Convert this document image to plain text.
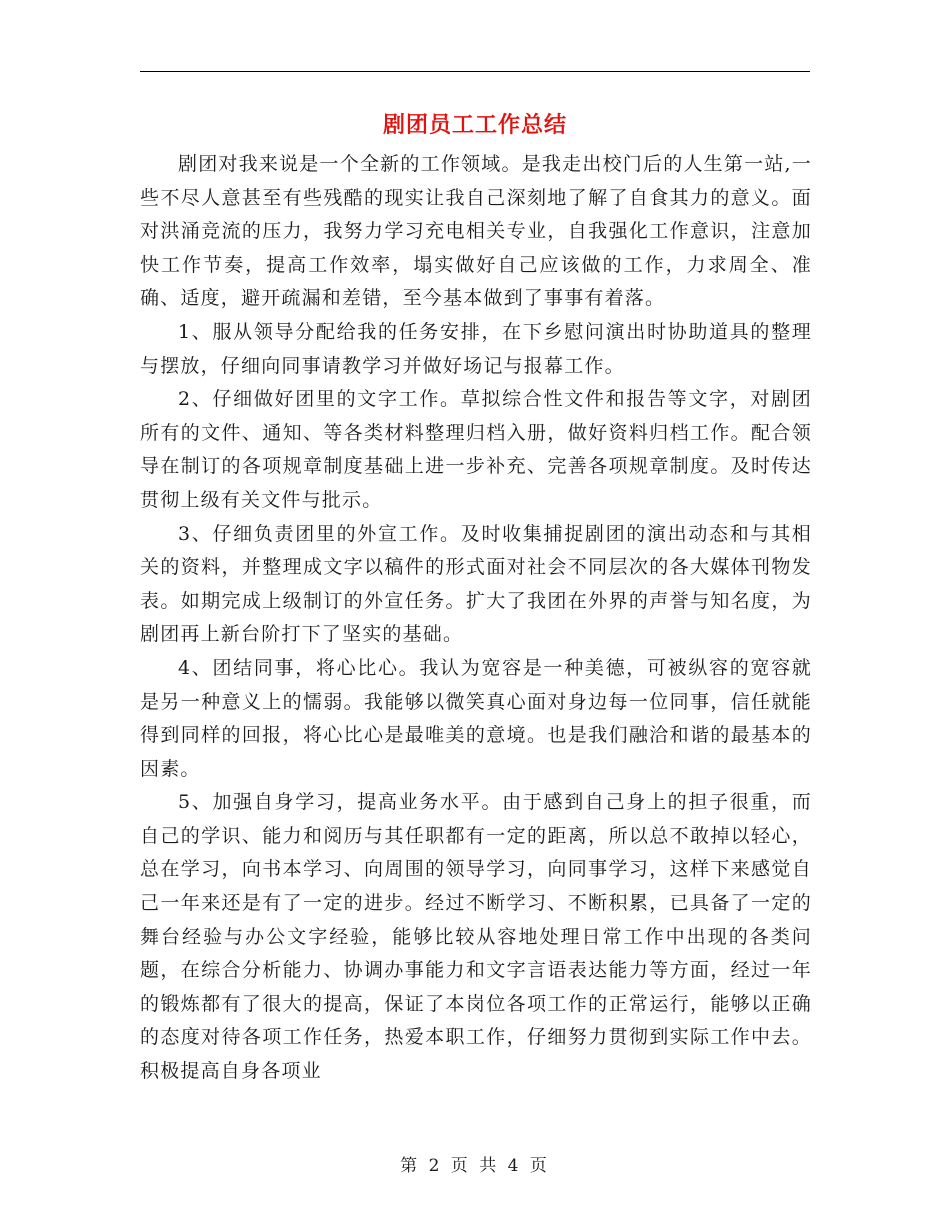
剧团员工工作总结

剧团对我来说是一个全新的工作领域。是我走出校门后的人生第一站,一些不尽人意甚至有些残酷的现实让我自己深刻地了解了自食其力的意义。面对洪涌竞流的压力，我努力学习充电相关专业，自我强化工作意识，注意加快工作节奏，提高工作效率，塌实做好自己应该做的工作，力求周全、准确、适度，避开疏漏和差错，至今基本做到了事事有着落。

1、服从领导分配给我的任务安排，在下乡慰问演出时协助道具的整理与摆放，仔细向同事请教学习并做好场记与报幕工作。

2、仔细做好团里的文字工作。草拟综合性文件和报告等文字，对剧团所有的文件、通知、等各类材料整理归档入册，做好资料归档工作。配合领导在制订的各项规章制度基础上进一步补充、完善各项规章制度。及时传达贯彻上级有关文件与批示。

3、仔细负责团里的外宣工作。及时收集捕捉剧团的演出动态和与其相关的资料，并整理成文字以稿件的形式面对社会不同层次的各大媒体刊物发表。如期完成上级制订的外宣任务。扩大了我团在外界的声誉与知名度，为剧团再上新台阶打下了坚实的基础。

4、团结同事，将心比心。我认为宽容是一种美德，可被纵容的宽容就是另一种意义上的懦弱。我能够以微笑真心面对身边每一位同事，信任就能得到同样的回报，将心比心是最唯美的意境。也是我们融洽和谐的最基本的因素。

5、加强自身学习，提高业务水平。由于感到自己身上的担子很重，而自己的学识、能力和阅历与其任职都有一定的距离，所以总不敢掉以轻心，总在学习，向书本学习、向周围的领导学习，向同事学习，这样下来感觉自己一年来还是有了一定的进步。经过不断学习、不断积累，已具备了一定的舞台经验与办公文字经验，能够比较从容地处理日常工作中出现的各类问题，在综合分析能力、协调办事能力和文字言语表达能力等方面，经过一年的锻炼都有了很大的提高，保证了本岗位各项工作的正常运行，能够以正确的态度对待各项工作任务，热爱本职工作，仔细努力贯彻到实际工作中去。积极提高自身各项业

第 2 页 共 4 页
